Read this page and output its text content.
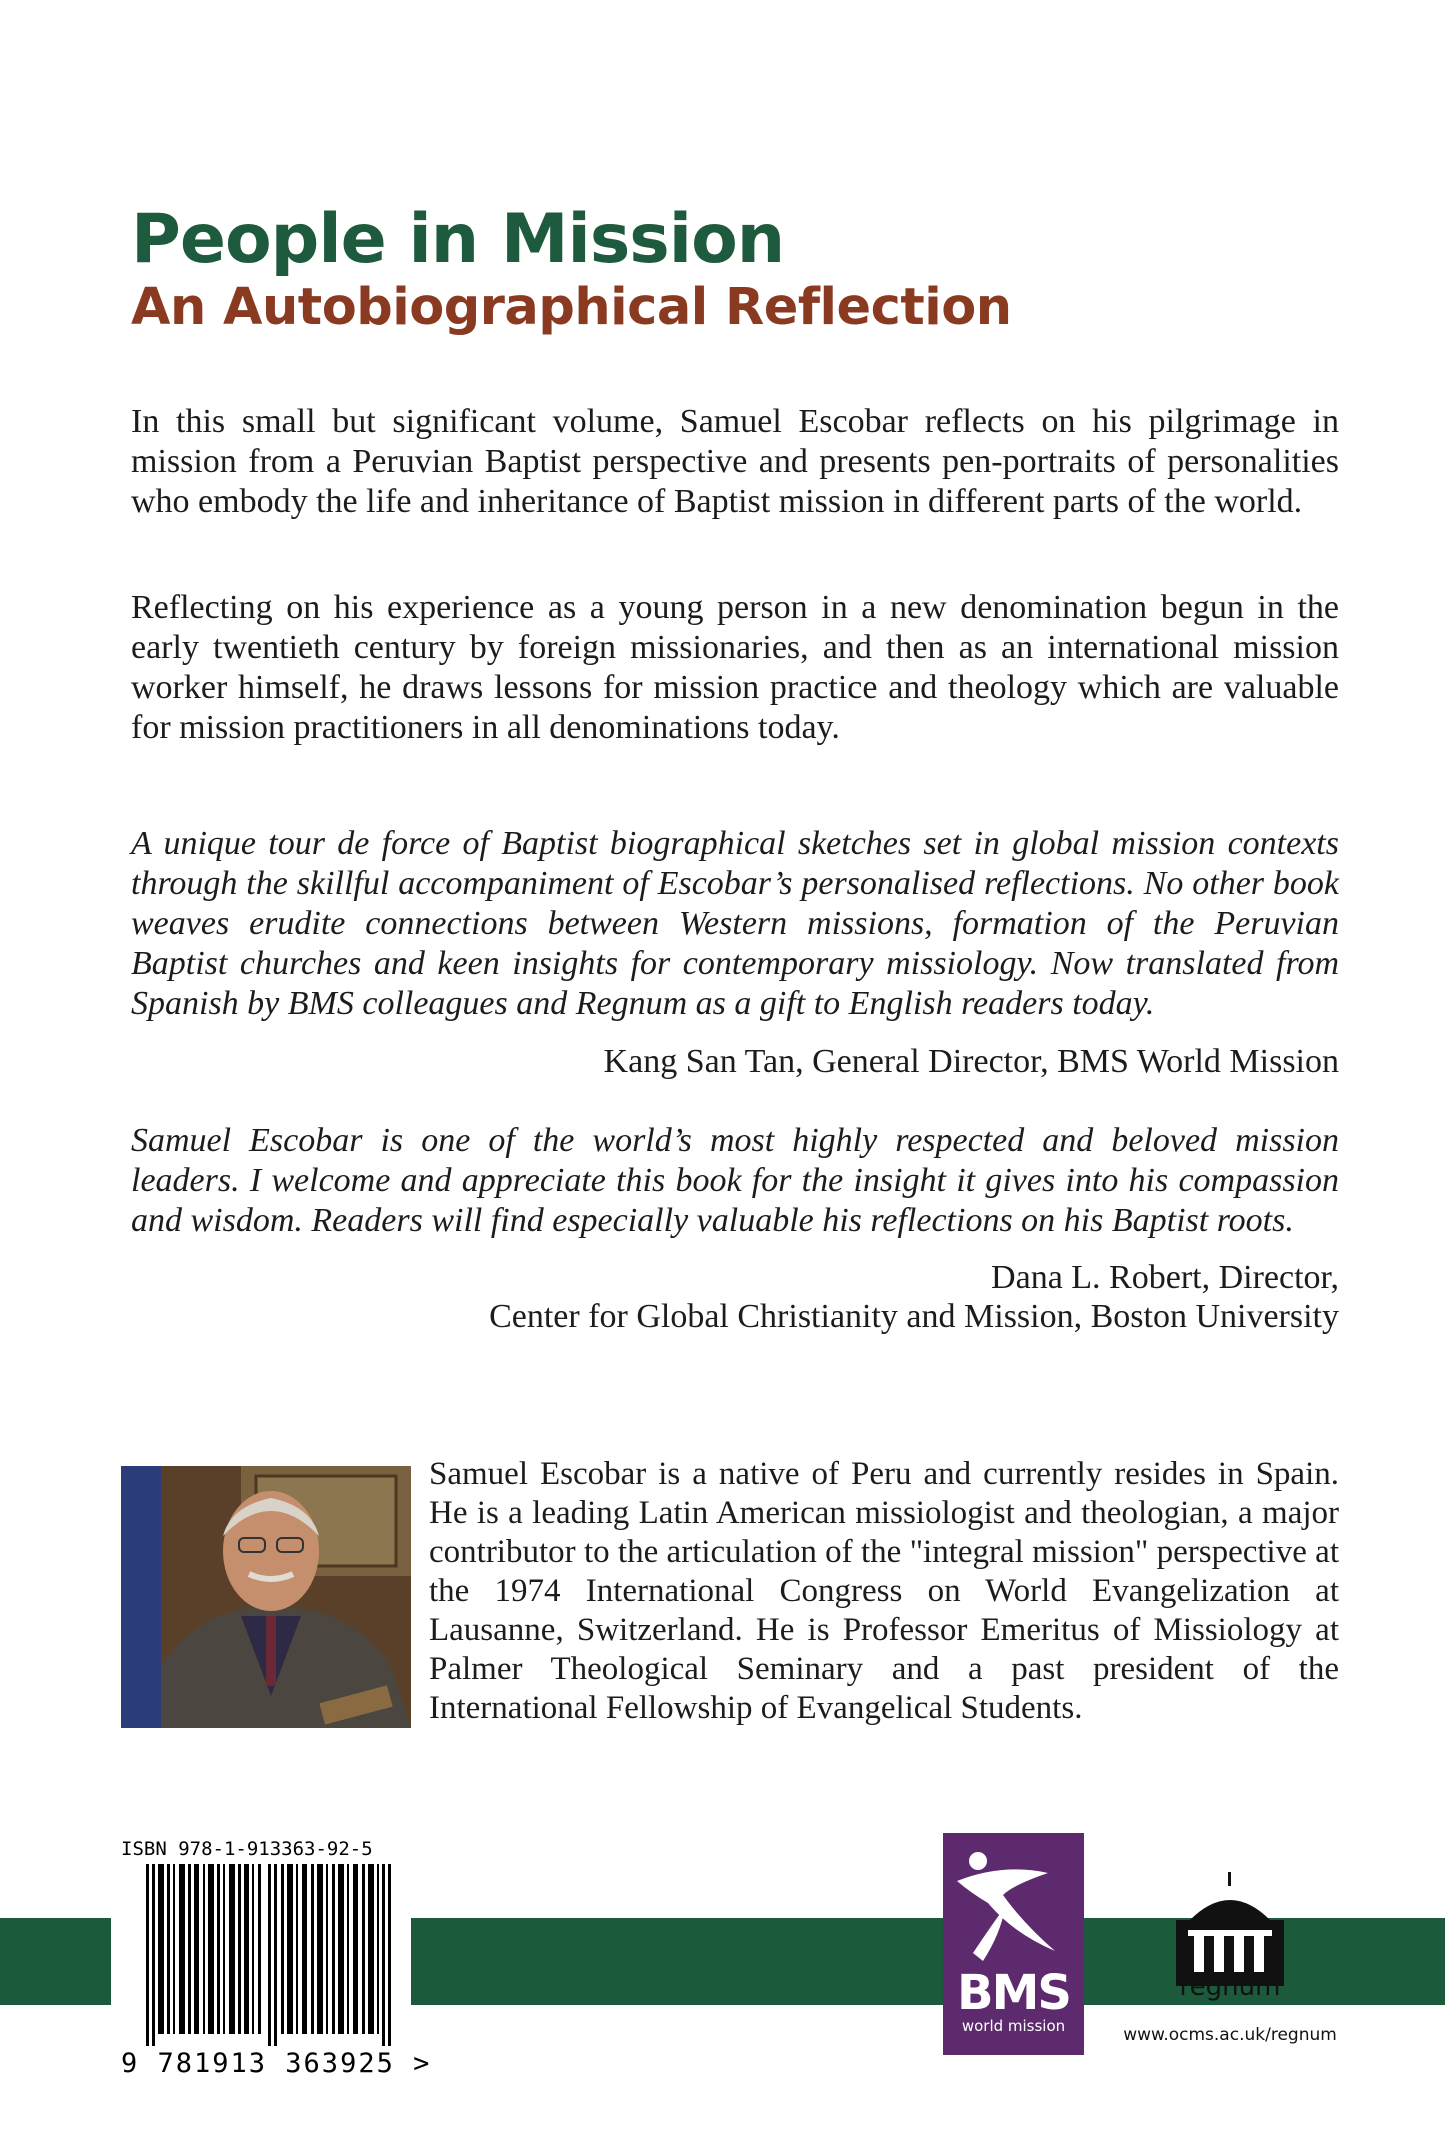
People in Mission
An Autobiographical Reflection

In this small but significant volume, Samuel Escobar reflects on his pilgrimage in mission from a Peruvian Baptist perspective and presents pen-portraits of personalities who embody the life and inheritance of Baptist mission in different parts of the world.

Reflecting on his experience as a young person in a new denomination begun in the early twentieth century by foreign missionaries, and then as an international mission worker himself, he draws lessons for mission practice and theology which are valuable for mission practitioners in all denominations today.

A unique tour de force of Baptist biographical sketches set in global mission contexts through the skillful accompaniment of Escobar’s personalised reflections. No other book weaves erudite connections between Western missions, formation of the Peruvian Baptist churches and keen insights for contemporary missiology. Now translated from Spanish by BMS colleagues and Regnum as a gift to English readers today.

Kang San Tan, General Director, BMS World Mission

Samuel Escobar is one of the world’s most highly respected and beloved mission leaders. I welcome and appreciate this book for the insight it gives into his compassion and wisdom. Readers will find especially valuable his reflections on his Baptist roots.

Dana L. Robert, Director,

Center for Global Christianity and Mission, Boston University

Samuel Escobar is a native of Peru and currently resides in Spain. He is a leading Latin American missiologist and theologian, a major contributor to the articulation of the "integral mission" perspective at the 1974 International Congress on World Evangelization at Lausanne, Switzerland. He is Professor Emeritus of Missiology at Palmer Theological Seminary and a past president of the International Fellowship of Evangelical Students.

ISBN 978-1-913363-92-5
9 781913 363925 >
BMS
world mission
regnum
www.ocms.ac.uk/regnum
